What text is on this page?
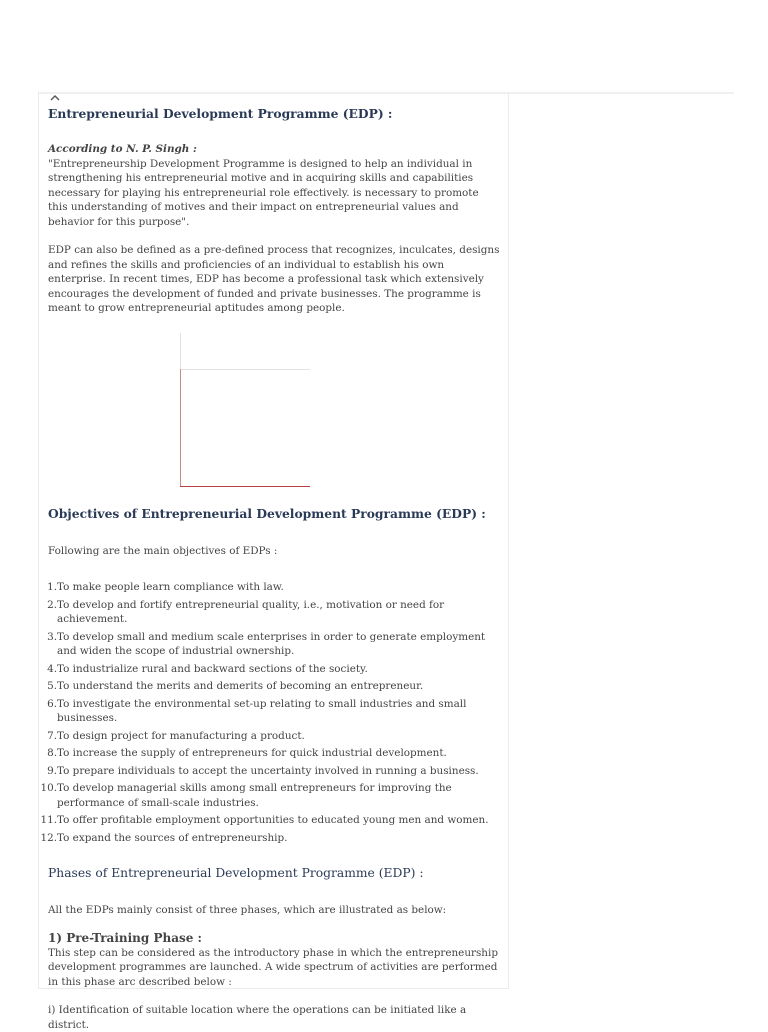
Entrepreneurial Development Programme (EDP) :

According to N. P. Singh :

"Entrepreneurship Development Programme is designed to help an individual in strengthening his entrepreneurial motive and in acquiring skills and capabilities necessary for playing his entrepreneurial role effectively. is necessary to promote this understanding of motives and their impact on entrepreneurial values and behavior for this purpose".

EDP can also be defined as a pre-defined process that recognizes, inculcates, designs and refines the skills and proficiencies of an individual to establish his own enterprise. In recent times, EDP has become a professional task which extensively encourages the development of funded and private businesses. The programme is meant to grow entrepreneurial aptitudes among people.

Objectives of Entrepreneurial Development Programme (EDP) :

Following are the main objectives of EDPs :

1. To make people learn compliance with law.
2. To develop and fortify entrepreneurial quality, i.e., motivation or need for achievement.
3. To develop small and medium scale enterprises in order to generate employment and widen the scope of industrial ownership.
4. To industrialize rural and backward sections of the society.
5. To understand the merits and demerits of becoming an entrepreneur.
6. To investigate the environmental set-up relating to small industries and small businesses.
7. To design project for manufacturing a product.
8. To increase the supply of entrepreneurs for quick industrial development.
9. To prepare individuals to accept the uncertainty involved in running a business.
10. To develop managerial skills among small entrepreneurs for improving the performance of small-scale industries.
11. To offer profitable employment opportunities to educated young men and women.
12. To expand the sources of entrepreneurship.
Phases of Entrepreneurial Development Programme (EDP) :

All the EDPs mainly consist of three phases, which are illustrated as below:

1) Pre-Training Phase :

This step can be considered as the introductory phase in which the entrepreneurship development programmes are launched. A wide spectrum of activities are performed in this phase arc described below :

i) Identification of suitable location where the operations can be initiated like a district.
